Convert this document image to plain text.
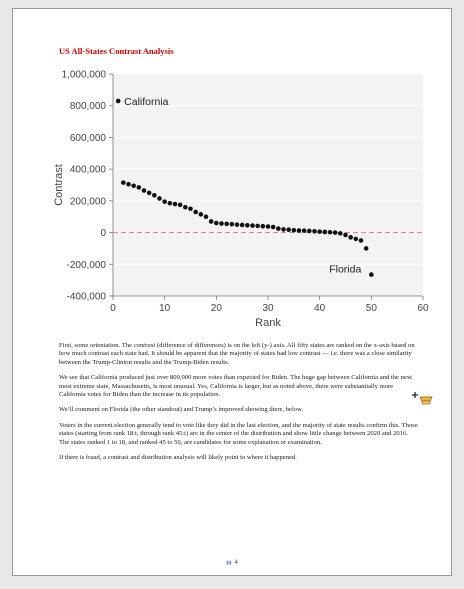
US All-States Contrast Analysis
-400,000
-200,000
0
200,000
400,000
600,000
800,000
1,000,000
0	10	20	30	40	50	60
California
Florida
Rank
Contrast

First, some orientation. The contrast (difference of differences) is on the left (y-) axis. All fifty states are ranked on the x-axis based on how much contrast each state had. It should be apparent that the majority of states had low contrast — i.e. there was a close similarity between the Trump-Clinton results and the Trump-Biden results.

We see that California produced just over 800,000 more votes than expected for Biden. The huge gap between California and the next most extreme state, Massachusetts, is most unusual. Yes, California is larger, but as noted above, there were substantially more California votes for Biden than the increase in its population.

We’ll comment on Florida (the other standout) and Trump’s improved showing there, below.

Voters in the current election generally tend to vote like they did in the last election, and the majority of state results confirm this. Those states (starting from rank 18±, through rank 45±) are in the center of the distribution and show little change between 2020 and 2016. The states ranked 1 to 18, and ranked 45 to 50, are candidates for some explanation or examination.

If there is fraud, a contrast and distribution analysis will likely point to where it happened.

▮▮ 4
